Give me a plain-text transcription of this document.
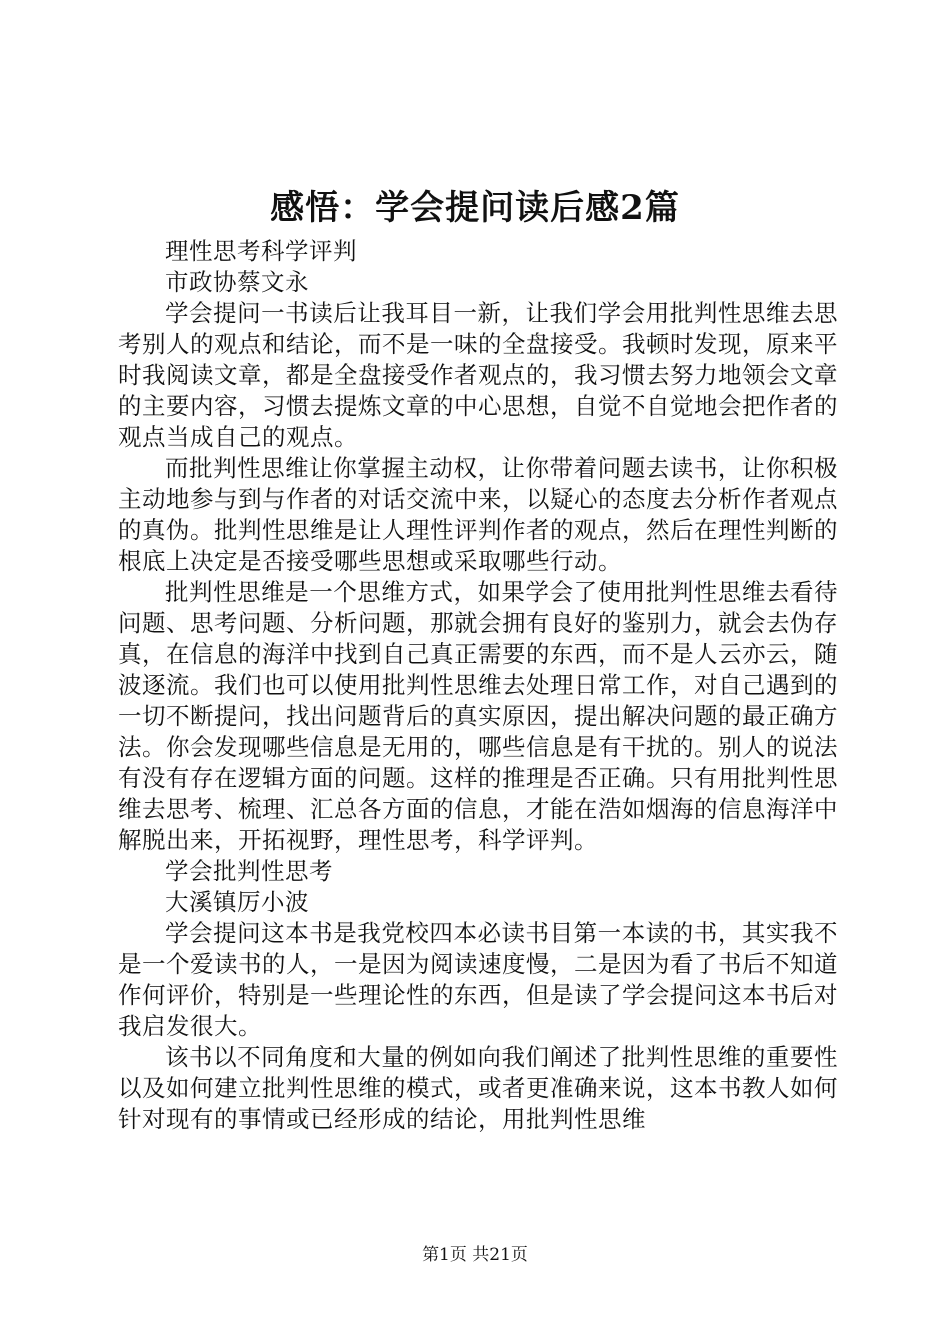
感悟：学会提问读后感2篇

理性思考科学评判

市政协蔡文永

学会提问一书读后让我耳目一新，让我们学会用批判性思维去思考别人的观点和结论，而不是一味的全盘接受。我顿时发现，原来平时我阅读文章，都是全盘接受作者观点的，我习惯去努力地领会文章的主要内容，习惯去提炼文章的中心思想，自觉不自觉地会把作者的观点当成自己的观点。

而批判性思维让你掌握主动权，让你带着问题去读书，让你积极主动地参与到与作者的对话交流中来，以疑心的态度去分析作者观点的真伪。批判性思维是让人理性评判作者的观点，然后在理性判断的根底上决定是否接受哪些思想或采取哪些行动。

批判性思维是一个思维方式，如果学会了使用批判性思维去看待问题、思考问题、分析问题，那就会拥有良好的鉴别力，就会去伪存真，在信息的海洋中找到自己真正需要的东西，而不是人云亦云，随波逐流。我们也可以使用批判性思维去处理日常工作，对自己遇到的一切不断提问，找出问题背后的真实原因，提出解决问题的最正确方法。你会发现哪些信息是无用的，哪些信息是有干扰的。别人的说法有没有存在逻辑方面的问题。这样的推理是否正确。只有用批判性思维去思考、梳理、汇总各方面的信息，才能在浩如烟海的信息海洋中解脱出来，开拓视野，理性思考，科学评判。

学会批判性思考

大溪镇厉小波

学会提问这本书是我党校四本必读书目第一本读的书，其实我不是一个爱读书的人，一是因为阅读速度慢，二是因为看了书后不知道作何评价，特别是一些理论性的东西，但是读了学会提问这本书后对我启发很大。

该书以不同角度和大量的例如向我们阐述了批判性思维的重要性以及如何建立批判性思维的模式，或者更准确来说，这本书教人如何针对现有的事情或已经形成的结论，用批判性思维

第1页 共21页
